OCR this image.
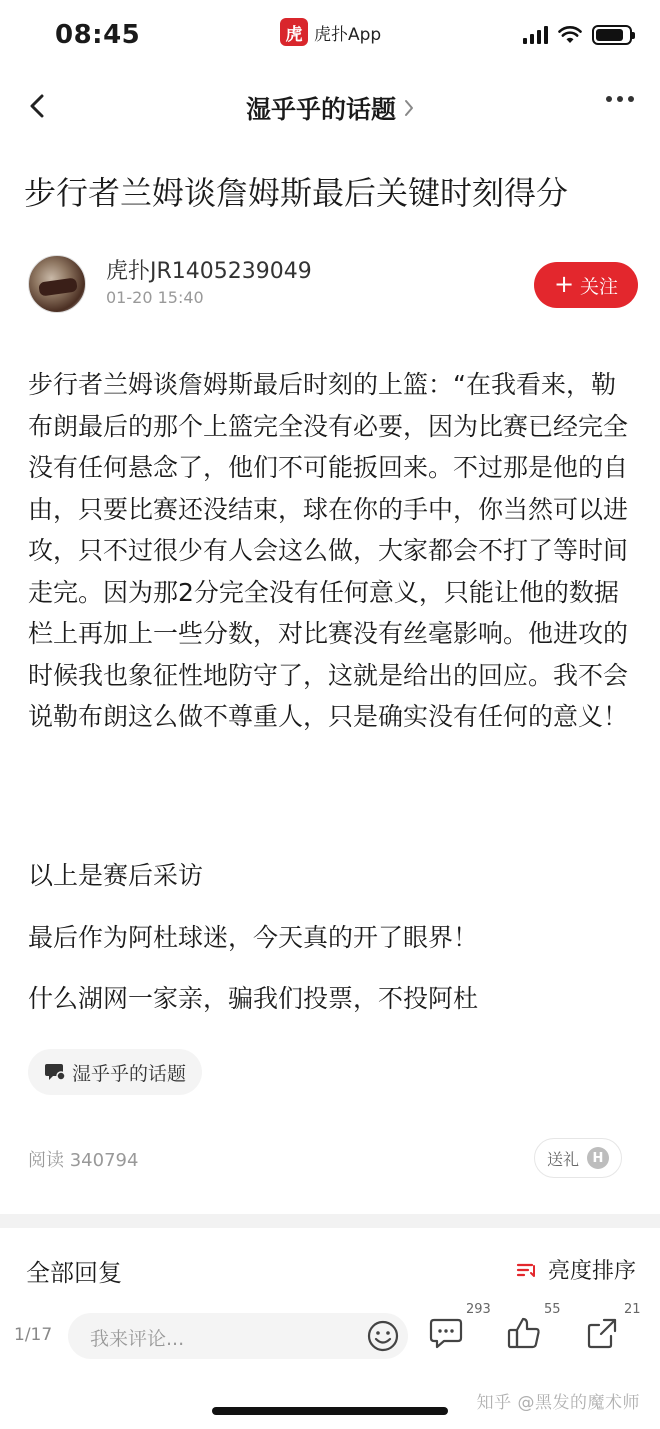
08:45	虎 虎扑App
湿乎乎的话题
步行者兰姆谈詹姆斯最后关键时刻得分
虎扑JR1405239049
01-20 15:40	+ 关注

步行者兰姆谈詹姆斯最后时刻的上篮：“在我看来，勒布朗最后的那个上篮完全没有必要，因为比赛已经完全没有任何悬念了，他们不可能扳回来。不过那是他的自由，只要比赛还没结束，球在你的手中，你当然可以进攻，只不过很少有人会这么做，大家都会不打了等时间走完。因为那2分完全没有任何意义，只能让他的数据栏上再加上一些分数，对比赛没有丝毫影响。他进攻的时候我也象征性地防守了，这就是给出的回应。我不会说勒布朗这么做不尊重人，只是确实没有任何的意义！

以上是赛后采访

最后作为阿杜球迷，今天真的开了眼界！

什么湖网一家亲，骗我们投票，不投阿杜

湿乎乎的话题
阅读 340794	送礼	H
全部回复	亮度排序
1/17 我来评论...
293	55	21
知乎 @黑发的魔术师
